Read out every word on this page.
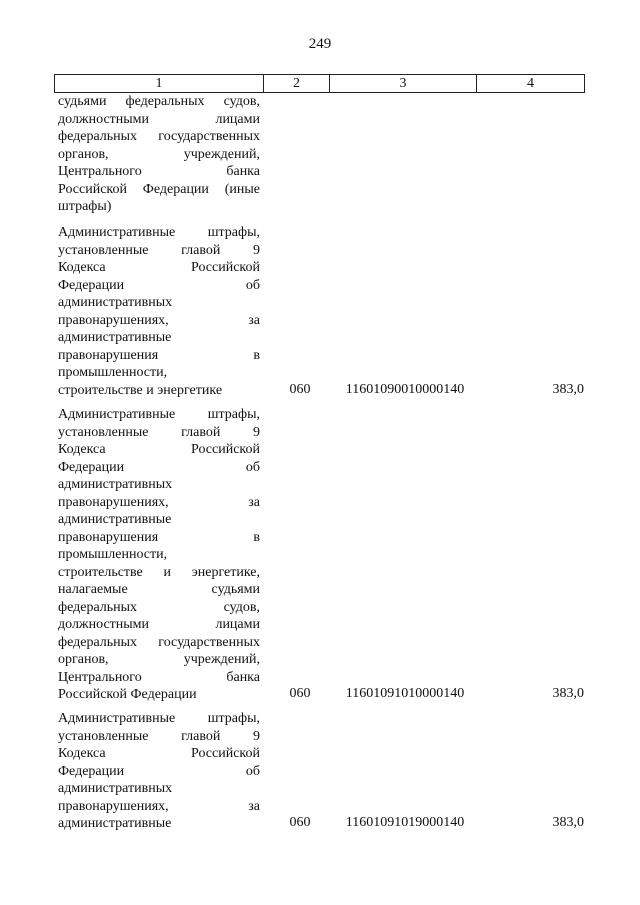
249
1	2	3	4
судьями федеральных судов,
должностными лицами
федеральных государственных
органов, учреждений,
Центрального банка
Российской Федерации (иные
штрафы)
Административные штрафы,
установленные главой 9
Кодекса Российской
Федерации об
административных
правонарушениях, за
административные
правонарушения в
промышленности,
строительстве и энергетике	060	11601090010000140	383,0
Административные штрафы,
установленные главой 9
Кодекса Российской
Федерации об
административных
правонарушениях, за
административные
правонарушения в
промышленности,
строительстве и энергетике,
налагаемые судьями
федеральных судов,
должностными лицами
федеральных государственных
органов, учреждений,
Центрального банка
Российской Федерации	060	11601091010000140	383,0
Административные штрафы,
установленные главой 9
Кодекса Российской
Федерации об
административных
правонарушениях, за
административные	060	11601091019000140	383,0
